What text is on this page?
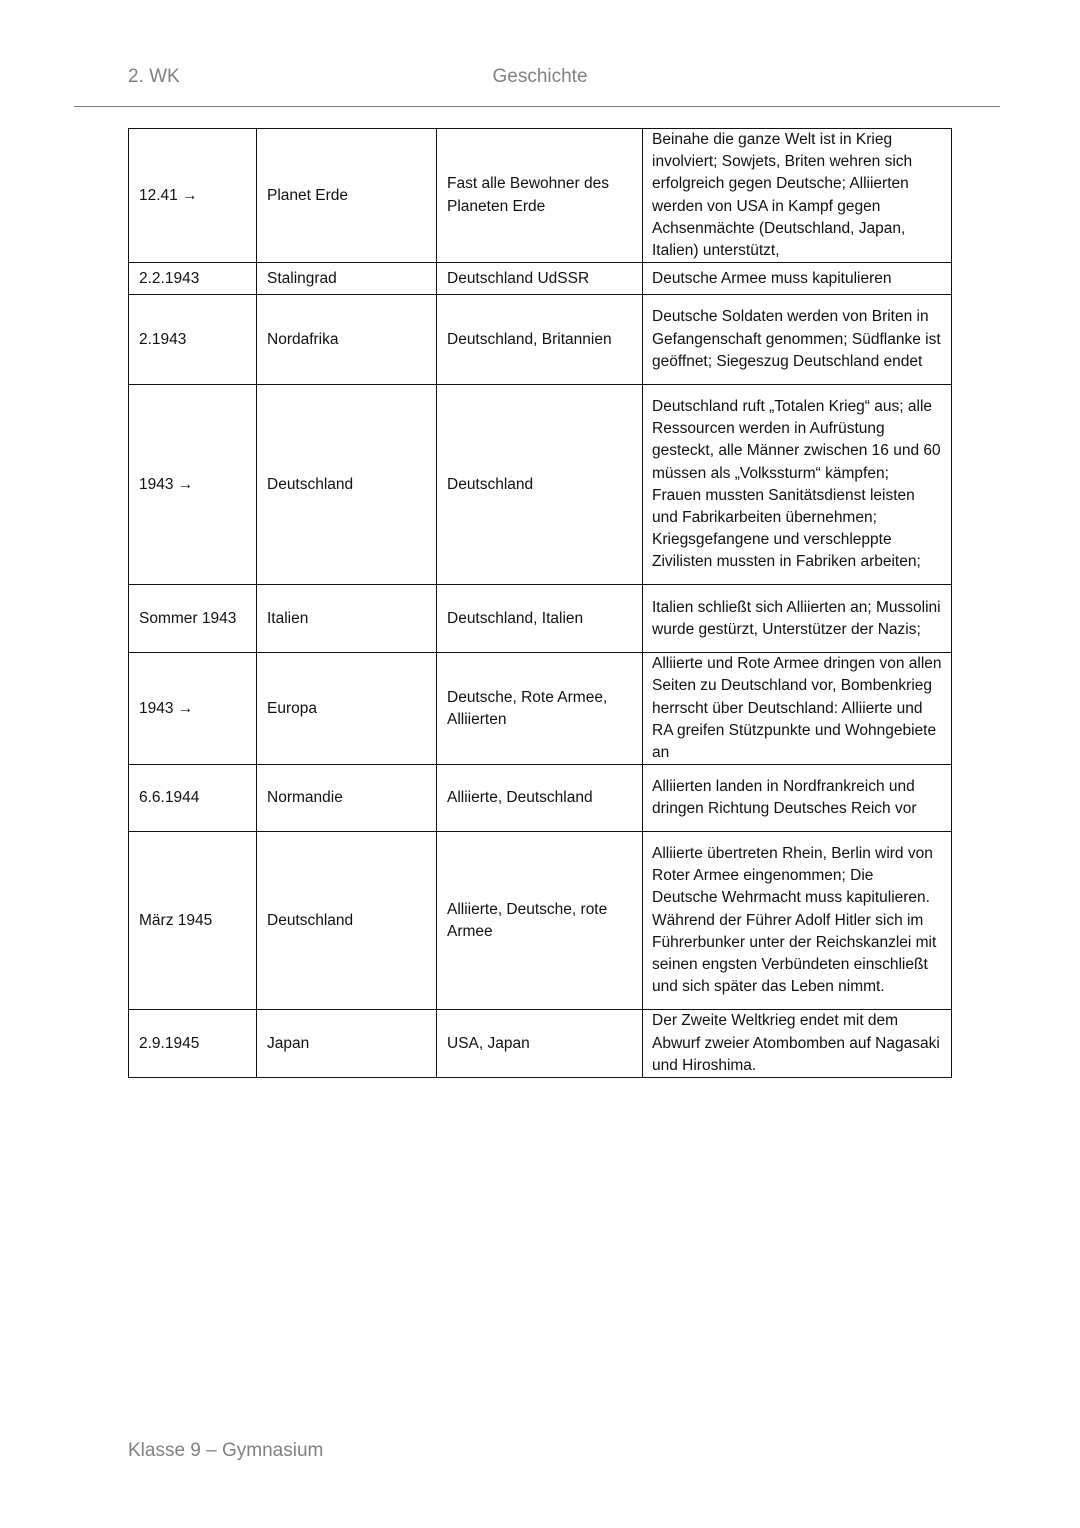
2. WK	Geschichte
12.41 →	Planet Erde	Fast alle Bewohner des Planeten Erde	Beinahe die ganze Welt ist in Krieg involviert; Sowjets, Briten wehren sich erfolgreich gegen Deutsche; Alliierten werden von USA in Kampf gegen Achsenmächte (Deutschland, Japan, Italien) unterstützt,
2.2.1943	Stalingrad	Deutschland UdSSR	Deutsche Armee muss kapitulieren
2.1943	Nordafrika	Deutschland, Britannien	Deutsche Soldaten werden von Briten in Gefangenschaft genommen; Südflanke ist geöffnet; Siegeszug Deutschland endet
1943 →	Deutschland	Deutschland	Deutschland ruft „Totalen Krieg“ aus; alle Ressourcen werden in Aufrüstung gesteckt, alle Männer zwischen 16 und 60 müssen als „Volkssturm“ kämpfen; Frauen mussten Sanitätsdienst leisten und Fabrikarbeiten übernehmen; Kriegsgefangene und verschleppte Zivilisten mussten in Fabriken arbeiten;
Sommer 1943	Italien	Deutschland, Italien	Italien schließt sich Alliierten an; Mussolini wurde gestürzt, Unterstützer der Nazis;
1943 →	Europa	Deutsche, Rote Armee, Alliierten	Alliierte und Rote Armee dringen von allen Seiten zu Deutschland vor, Bombenkrieg herrscht über Deutschland: Alliierte und RA greifen Stützpunkte und Wohngebiete an
6.6.1944	Normandie	Alliierte, Deutschland	Alliierten landen in Nordfrankreich und dringen Richtung Deutsches Reich vor
März 1945	Deutschland	Alliierte, Deutsche, rote Armee	Alliierte übertreten Rhein, Berlin wird von Roter Armee eingenommen; Die Deutsche Wehrmacht muss kapitulieren. Während der Führer Adolf Hitler sich im Führerbunker unter der Reichskanzlei mit seinen engsten Verbündeten einschließt und sich später das Leben nimmt.
2.9.1945	Japan	USA, Japan	Der Zweite Weltkrieg endet mit dem Abwurf zweier Atombomben auf Nagasaki und Hiroshima.
Klasse 9 – Gymnasium
